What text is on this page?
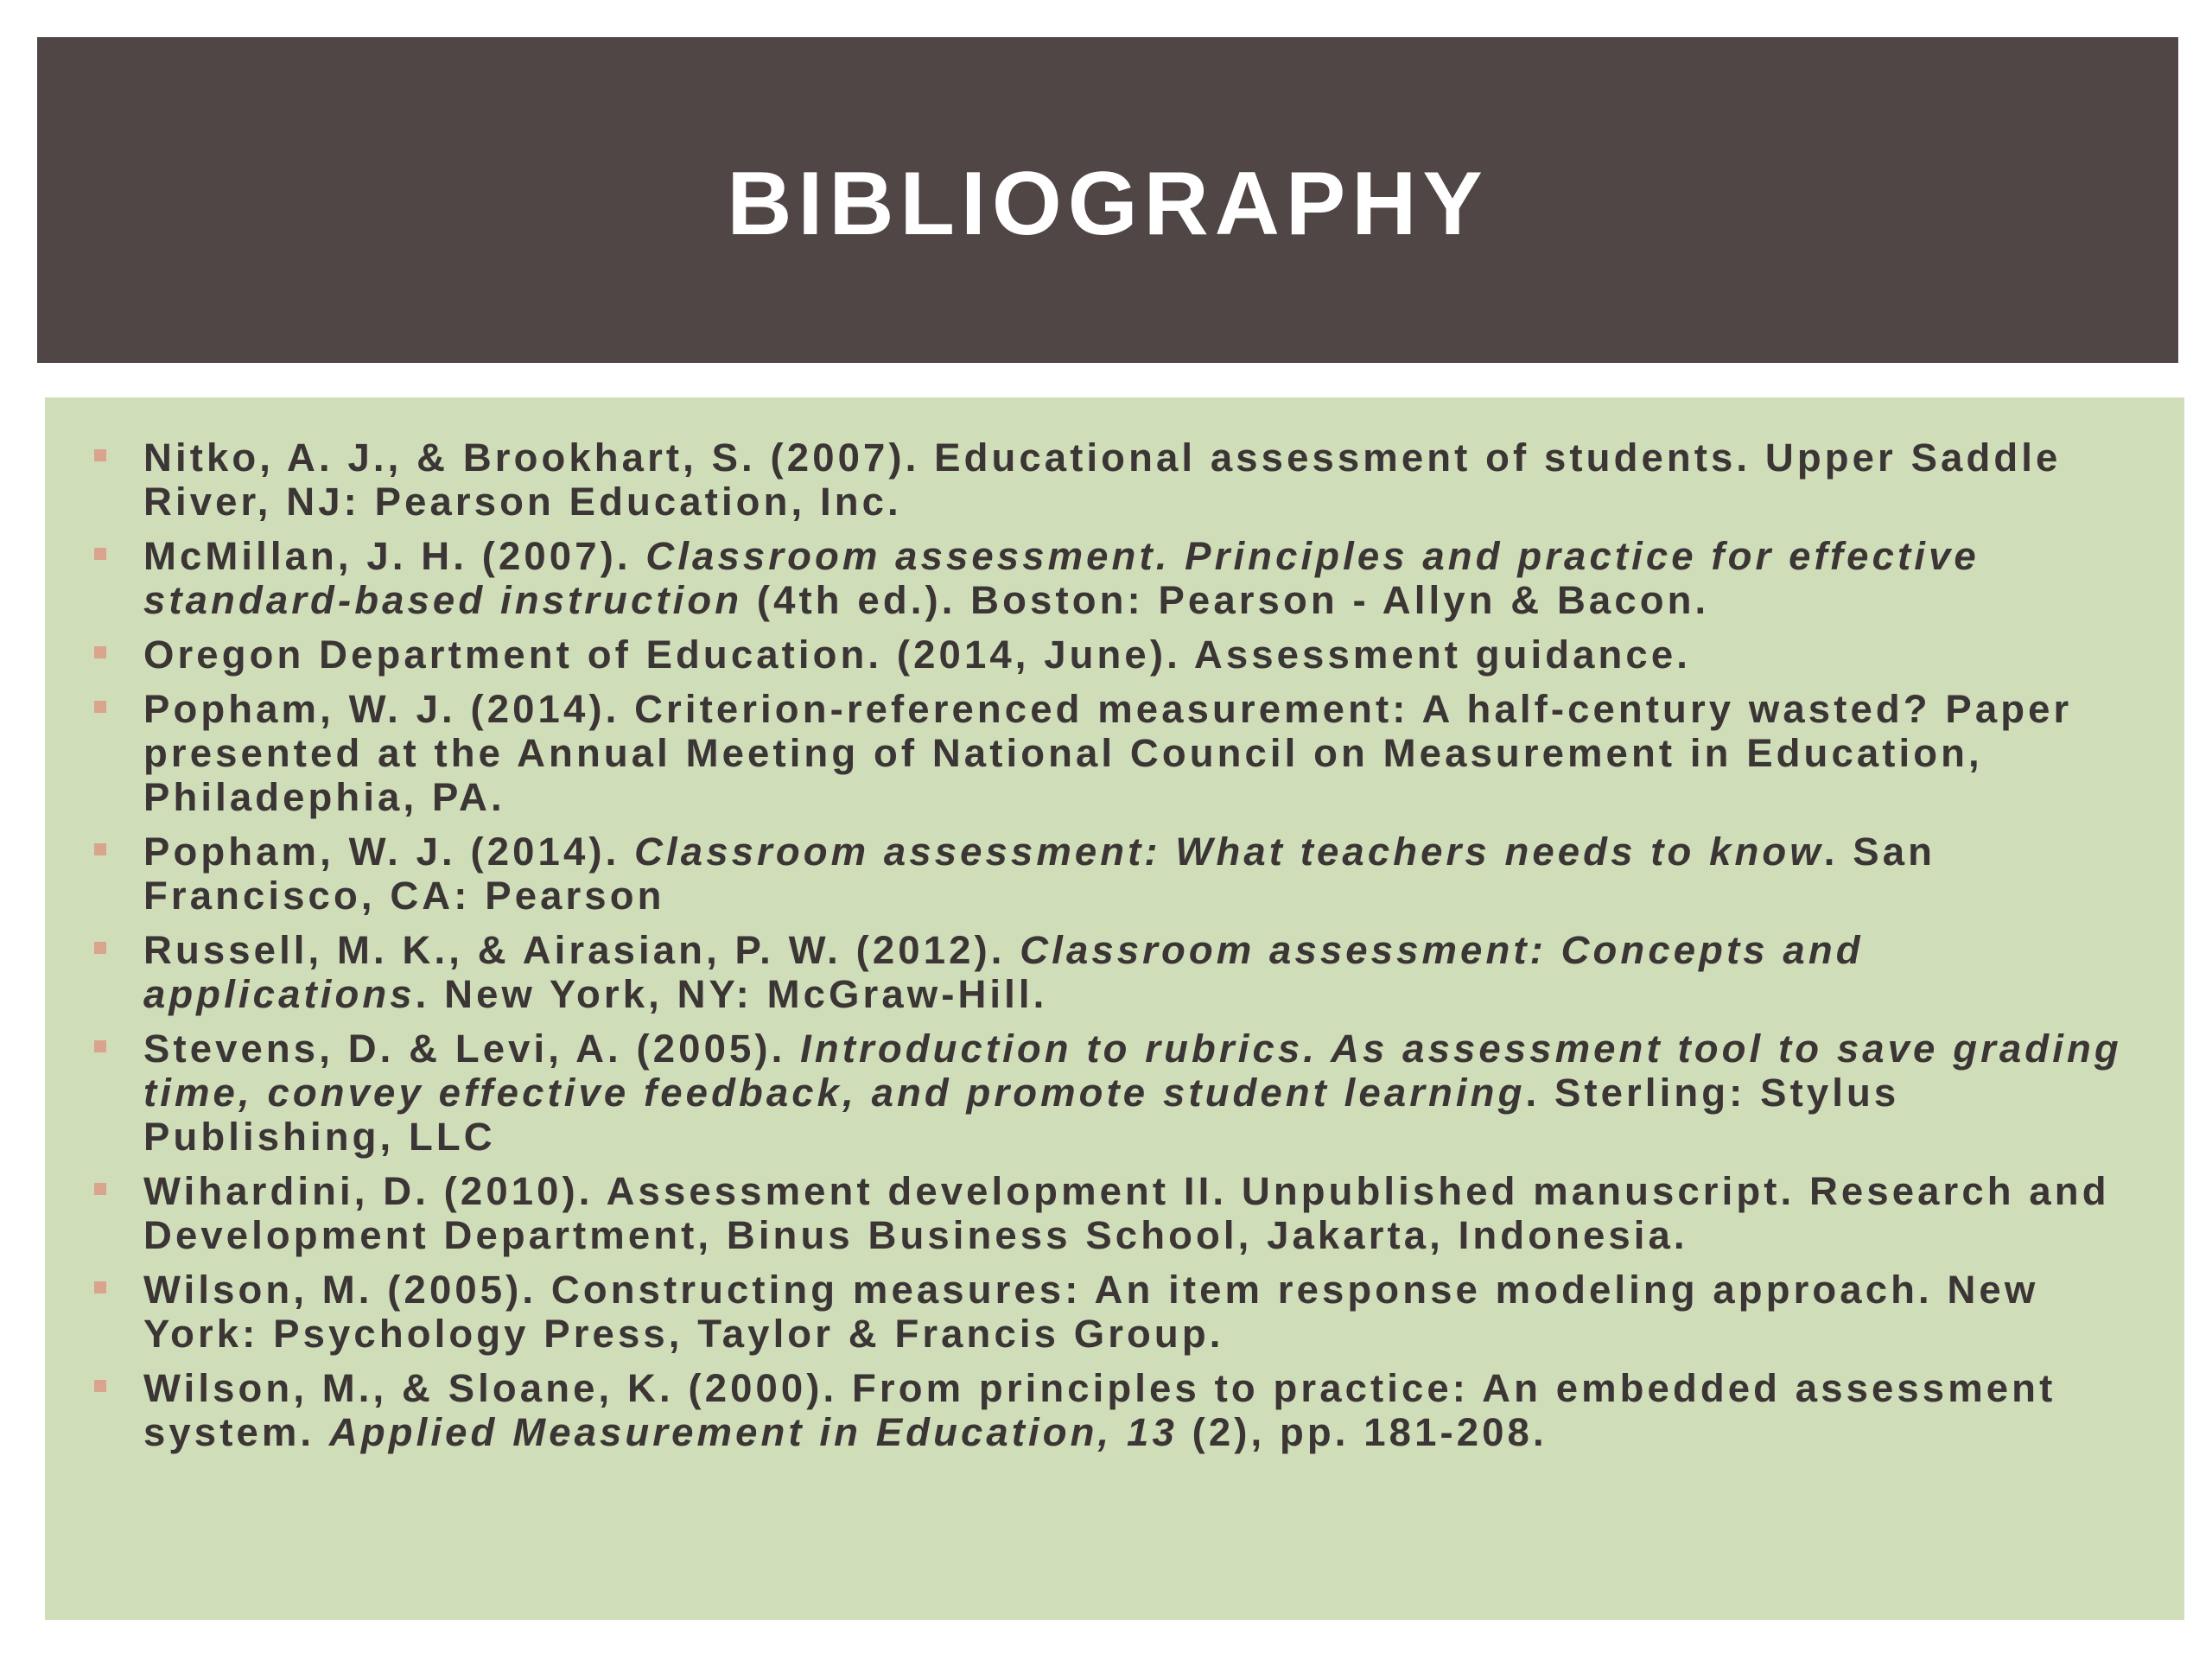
BIBLIOGRAPHY
Nitko, A. J., & Brookhart, S. (2007). Educational assessment of students. Upper Saddle River, NJ: Pearson Education, Inc.
McMillan, J. H. (2007). Classroom assessment. Principles and practice for effective standard-based instruction (4th ed.). Boston: Pearson - Allyn & Bacon.
Oregon Department of Education. (2014, June). Assessment guidance.
Popham, W. J. (2014). Criterion-referenced measurement: A half-century wasted? Paper presented at the Annual Meeting of National Council on Measurement in Education, Philadephia, PA.
Popham, W. J. (2014). Classroom assessment: What teachers needs to know. San Francisco, CA: Pearson
Russell, M. K., & Airasian, P. W. (2012). Classroom assessment: Concepts and applications. New York, NY: McGraw-Hill.
Stevens, D. & Levi, A. (2005). Introduction to rubrics. As assessment tool to save grading time, convey effective feedback, and promote student learning. Sterling: Stylus Publishing, LLC
Wihardini, D. (2010). Assessment development II. Unpublished manuscript. Research and Development Department, Binus Business School, Jakarta, Indonesia.
Wilson, M. (2005). Constructing measures: An item response modeling approach. New York: Psychology Press, Taylor & Francis Group.
Wilson, M., & Sloane, K. (2000). From principles to practice: An embedded assessment system. Applied Measurement in Education, 13 (2), pp. 181-208.
